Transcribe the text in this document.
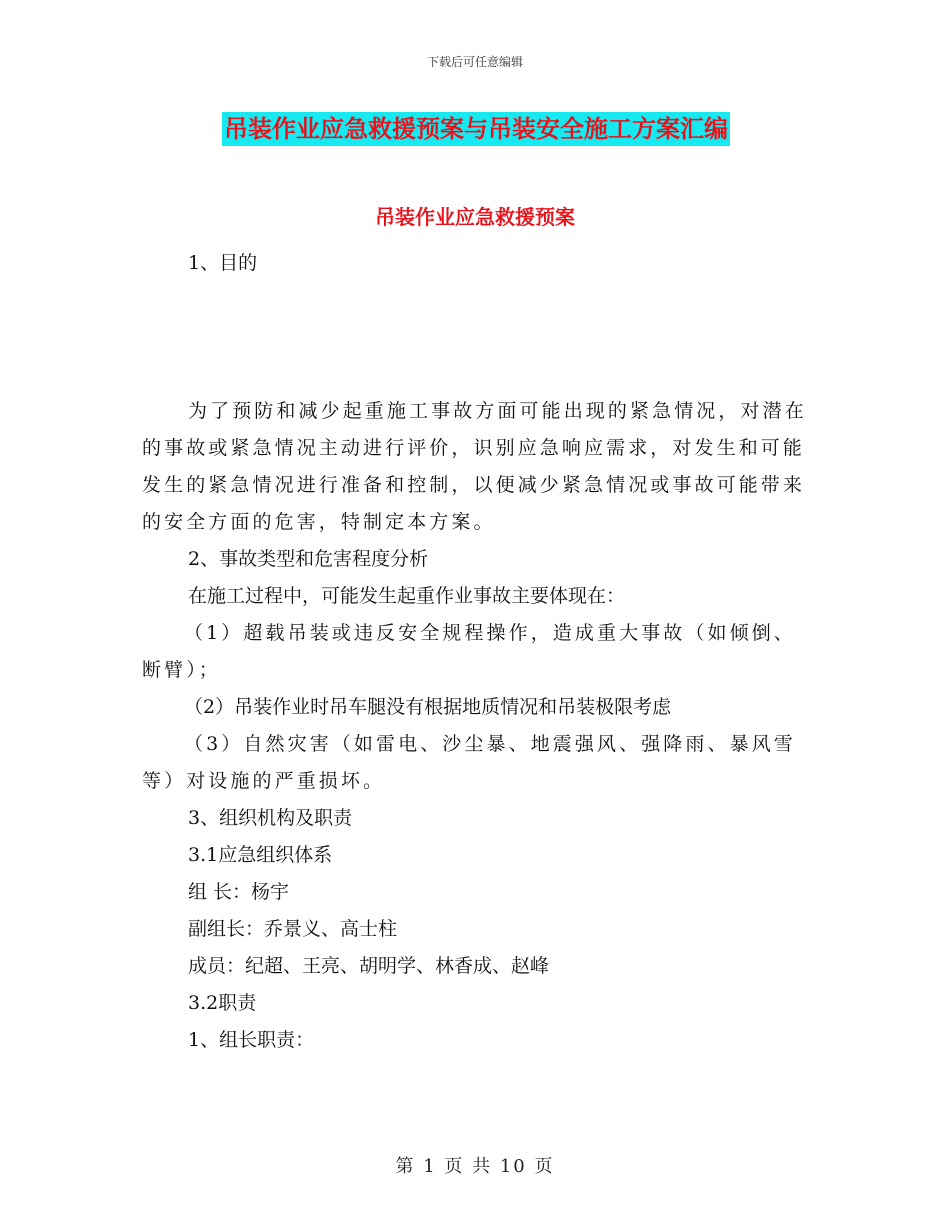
下载后可任意编辑
吊装作业应急救援预案与吊装安全施工方案汇编
吊装作业应急救援预案

1、目的

为了预防和减少起重施工事故方面可能出现的紧急情况，对潜在的事故或紧急情况主动进行评价，识别应急响应需求，对发生和可能发生的紧急情况进行准备和控制，以便减少紧急情况或事故可能带来的安全方面的危害，特制定本方案。

2、事故类型和危害程度分析

在施工过程中，可能发生起重作业事故主要体现在：

（1）超载吊装或违反安全规程操作，造成重大事故（如倾倒、断臂）；

（2）吊装作业时吊车腿没有根据地质情况和吊装极限考虑

（3）自然灾害（如雷电、沙尘暴、地震强风、强降雨、暴风雪等）对设施的严重损坏。

3、组织机构及职责

3.1应急组织体系

组 长：杨宇

副组长：乔景义、高士柱

成员：纪超、王亮、胡明学、林香成、赵峰

3.2职责

1、组长职责：

第 1 页 共 10 页
